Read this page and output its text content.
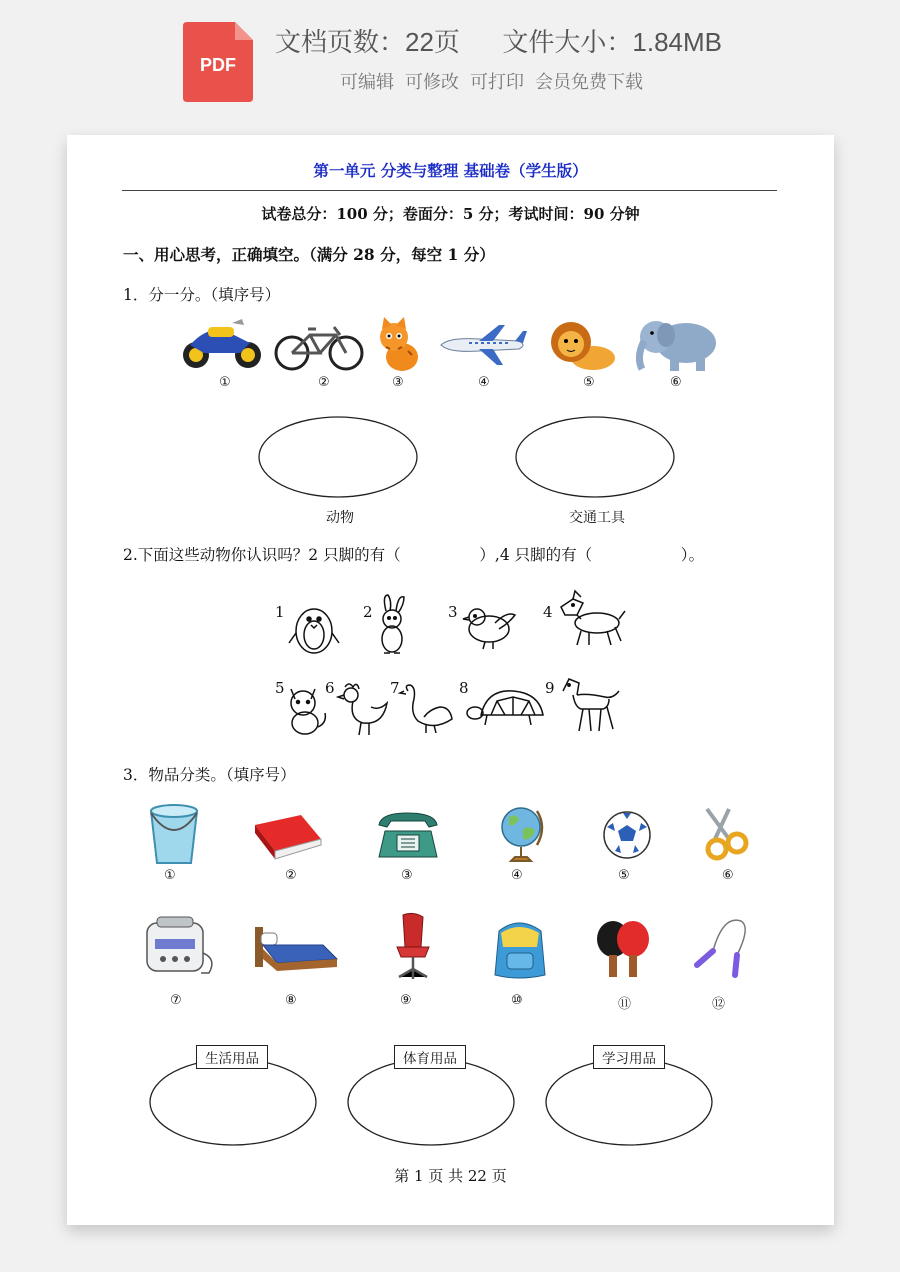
PDF
文档页数：22页 文件大小：1.84MB
可编辑 可修改 可打印 会员免费下载
第一单元 分类与整理 基础卷（学生版）
试卷总分：100 分；卷面分：5 分；考试时间：90 分钟
一、用心思考，正确填空。（满分 28 分，每空 1 分）
1．分一分。（填序号）
①	②	③	④	⑤	⑥
动物	交通工具
2.下面这些动物你认识吗？2 只脚的有（                ）,4 只脚的有（                  ）。
1	2	3	4
5	6	7	8	9
3．物品分类。（填序号）
①	②	③	④	⑤	⑥
⑦	⑧	⑨	⑩	⑪	⑫
生活用品	体育用品	学习用品
第 1 页 共 22 页
